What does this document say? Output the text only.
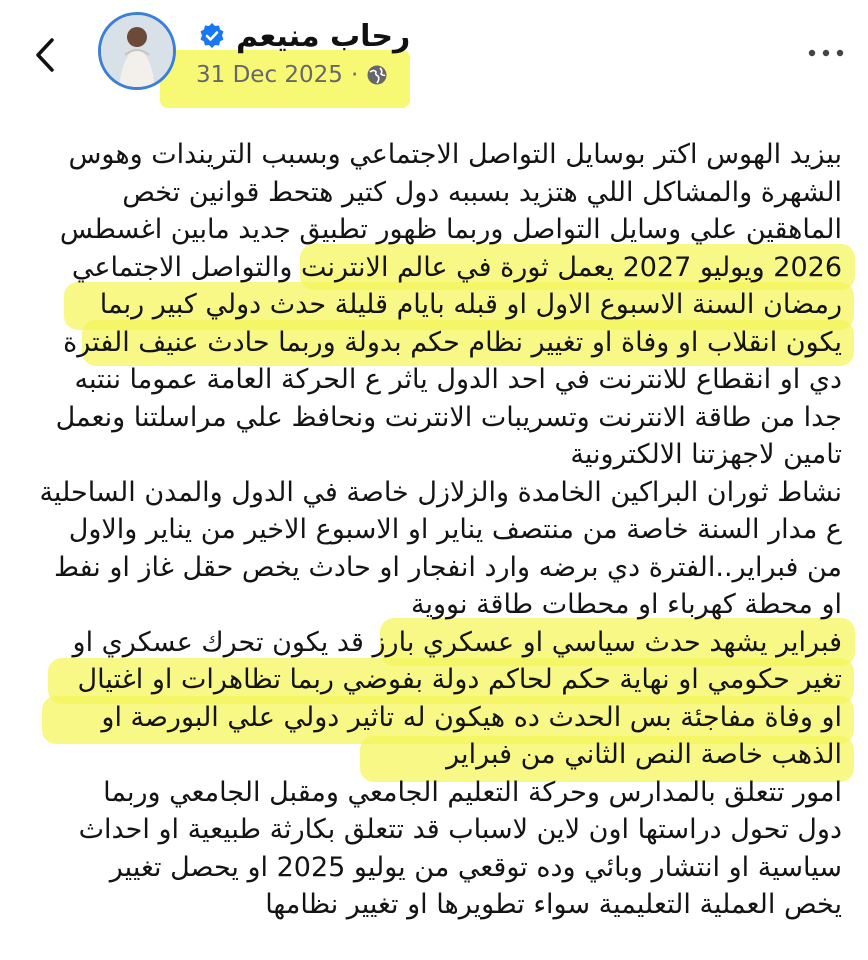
رحاب منيعم
31 Dec 2025 ·
بيزيد الهوس اكتر بوسايل التواصل الاجتماعي وبسبب التريندات وهوس
الشهرة والمشاكل اللي هتزيد بسببه دول كتير هتحط قوانين تخص
الماهقين علي وسايل التواصل وربما ظهور تطبيق جديد مابين اغسطس
2026 ويوليو 2027 يعمل ثورة في عالم الانترنت والتواصل الاجتماعي
رمضان السنة الاسبوع الاول او قبله بايام قليلة حدث دولي كبير ربما
يكون انقلاب او وفاة او تغيير نظام حكم بدولة وربما حادث عنيف الفترة
دي او انقطاع للانترنت في احد الدول ياثر ع الحركة العامة عموما ننتبه
جدا من طاقة الانترنت وتسريبات الانترنت ونحافظ علي مراسلتنا ونعمل
تامين لاجهزتنا الالكترونية
نشاط ثوران البراكين الخامدة والزلازل خاصة في الدول والمدن الساحلية
ع مدار السنة خاصة من منتصف يناير او الاسبوع الاخير من يناير والاول
من فبراير..الفترة دي برضه وارد انفجار او حادث يخص حقل غاز او نفط
او محطة كهرباء او محطات طاقة نووية
فبراير يشهد حدث سياسي او عسكري بارز قد يكون تحرك عسكري او
تغير حكومي او نهاية حكم لحاكم دولة بفوضي ربما تظاهرات او اغتيال
او وفاة مفاجئة بس الحدث ده هيكون له تاثير دولي علي البورصة او
الذهب خاصة النص الثاني من فبراير
امور تتعلق بالمدارس وحركة التعليم الجامعي ومقبل الجامعي وربما
دول تحول دراستها اون لاين لاسباب قد تتعلق بكارثة طبيعية او احداث
سياسية او انتشار وبائي وده توقعي من يوليو 2025 او يحصل تغيير
يخص العملية التعليمية سواء تطويرها او تغيير نظامها
